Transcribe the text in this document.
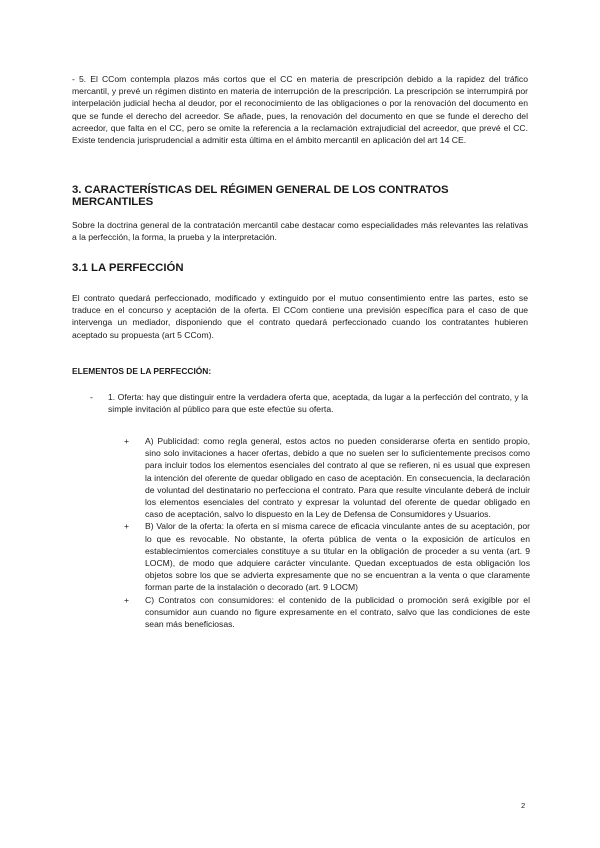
- 5. El CCom contempla plazos más cortos que el CC en materia de prescripción debido a la rapidez del tráfico mercantil, y prevé un régimen distinto en materia de interrupción de la prescripción. La prescripción se interrumpirá por interpelación judicial hecha al deudor, por el reconocimiento de las obligaciones o por la renovación del documento en que se funde el derecho del acreedor. Se añade, pues, la renovación del documento en que se funde el derecho del acreedor, que falta en el CC, pero se omite la referencia a la reclamación extrajudicial del acreedor, que prevé el CC. Existe tendencia jurisprudencial a admitir esta última en el ámbito mercantil en aplicación del art 14 CE.

3. CARACTERÍSTICAS DEL RÉGIMEN GENERAL DE LOS CONTRATOS MERCANTILES

Sobre la doctrina general de la contratación mercantil cabe destacar como especialidades más relevantes las relativas a la perfección, la forma, la prueba y la interpretación.

3.1 LA PERFECCIÓN

El contrato quedará perfeccionado, modificado y extinguido por el mutuo consentimiento entre las partes, esto se traduce en el concurso y aceptación de la oferta. El CCom contiene una previsión específica para el caso de que intervenga un mediador, disponiendo que el contrato quedará perfeccionado cuando los contratantes hubieren aceptado su propuesta (art 5 CCom).

ELEMENTOS DE LA PERFECCIÓN:
- 1. Oferta: hay que distinguir entre la verdadera oferta que, aceptada, da lugar a la perfección del contrato, y la simple invitación al público para que este efectúe su oferta.

+ A) Publicidad: como regla general, estos actos no pueden considerarse oferta en sentido propio, sino solo invitaciones a hacer ofertas, debido a que no suelen ser lo suficientemente precisos como para incluir todos los elementos esenciales del contrato al que se refieren, ni es usual que expresen la intención del oferente de quedar obligado en caso de aceptación. En consecuencia, la declaración de voluntad del destinatario no perfecciona el contrato. Para que resulte vinculante deberá de incluir los elementos esenciales del contrato y expresar la voluntad del oferente de quedar obligado en caso de aceptación, salvo lo dispuesto en la Ley de Defensa de Consumidores y Usuarios.

+ B) Valor de la oferta: la oferta en sí misma carece de eficacia vinculante antes de su aceptación, por lo que es revocable. No obstante, la oferta pública de venta o la exposición de artículos en establecimientos comerciales constituye a su titular en la obligación de proceder a su venta (art. 9 LOCM), de modo que adquiere carácter vinculante. Quedan exceptuados de esta obligación los objetos sobre los que se advierta expresamente que no se encuentran a la venta o que claramente forman parte de la instalación o decorado (art. 9 LOCM)

+ C) Contratos con consumidores: el contenido de la publicidad o promoción será exigible por el consumidor aun cuando no figure expresamente en el contrato, salvo que las condiciones de este sean más beneficiosas.

2
